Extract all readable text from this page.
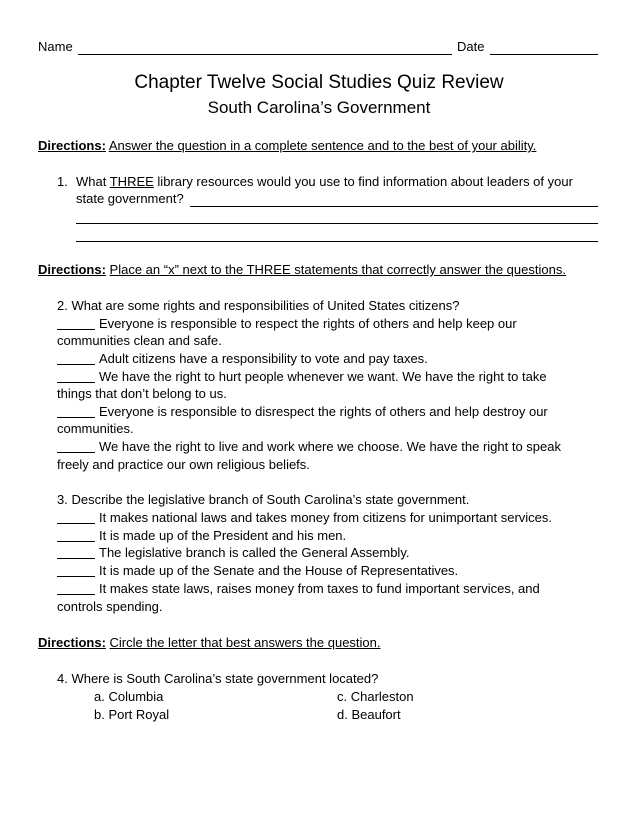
Name	Date
Chapter Twelve Social Studies Quiz Review
South Carolina’s Government
Directions: Answer the question in a complete sentence and to the best of your ability.
1. What THREE library resources would you use to find information about leaders of your
state government?
Directions: Place an “x” next to the THREE statements that correctly answer the questions.
2. What are some rights and responsibilities of United States citizens?
Everyone is responsible to respect the rights of others and help keep our
communities clean and safe.
Adult citizens have a responsibility to vote and pay taxes.
We have the right to hurt people whenever we want. We have the right to take
things that don’t belong to us.
Everyone is responsible to disrespect the rights of others and help destroy our
communities.
We have the right to live and work where we choose. We have the right to speak
freely and practice our own religious beliefs.
3. Describe the legislative branch of South Carolina’s state government.
It makes national laws and takes money from citizens for unimportant services.
It is made up of the President and his men.
The legislative branch is called the General Assembly.
It is made up of the Senate and the House of Representatives.
It makes state laws, raises money from taxes to fund important services, and
controls spending.
Directions: Circle the letter that best answers the question.
4. Where is South Carolina’s state government located?
a. Columbia
b. Port Royal
c. Charleston
d. Beaufort
